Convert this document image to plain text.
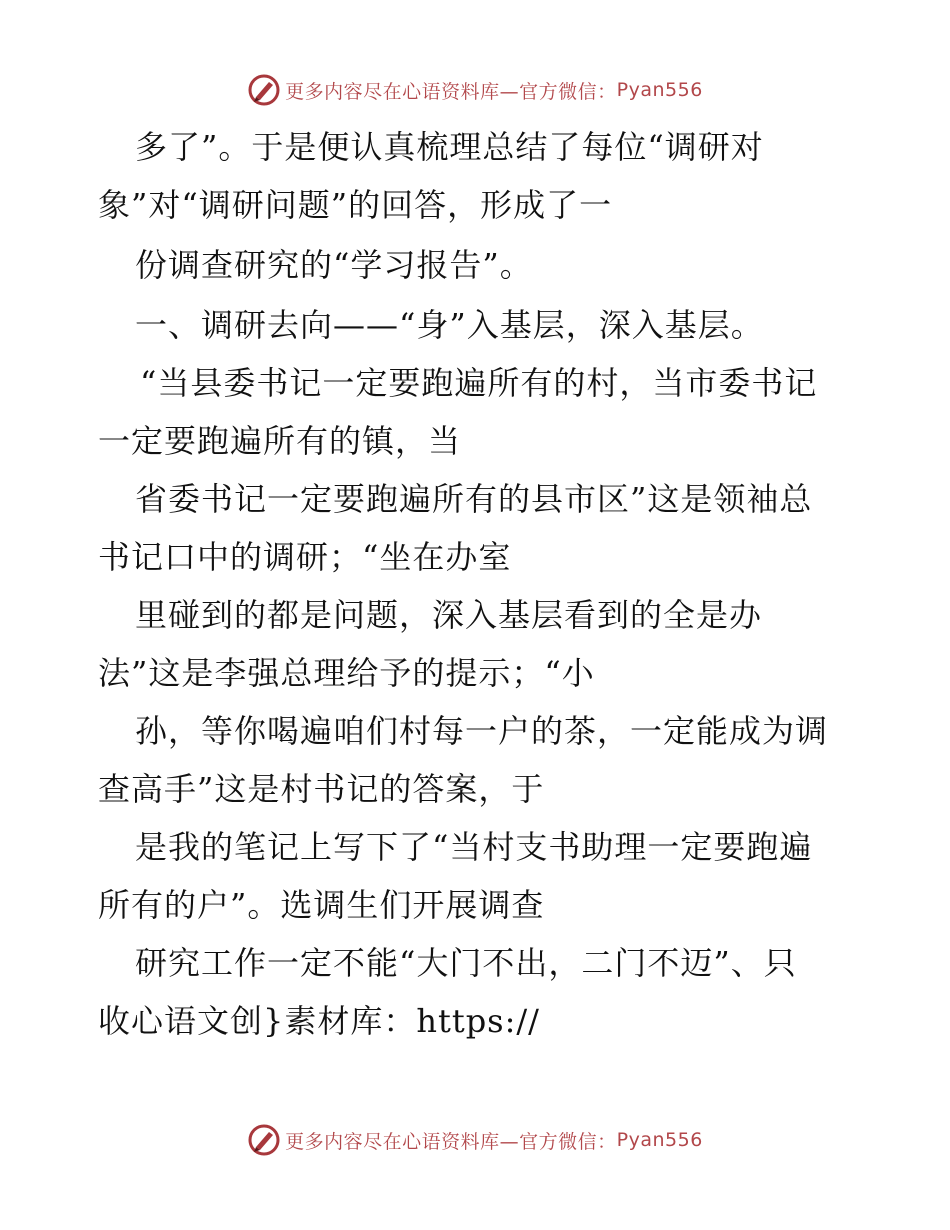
更多内容尽在心语资料库—官方微信： Pyan556
多了”。于是便认真梳理总结了每位“调研对
象”对“调研问题”的回答，形成了一
份调查研究的“学习报告”。
一、调研去向——“身”入基层，深入基层。
“当县委书记一定要跑遍所有的村，当市委书记
一定要跑遍所有的镇，当
省委书记一定要跑遍所有的县市区”这是领袖总
书记口中的调研；“坐在办室
里碰到的都是问题，深入基层看到的全是办
法”这是李强总理给予的提示；“小
孙，等你喝遍咱们村每一户的茶，一定能成为调
查高手”这是村书记的答案，于
是我的笔记上写下了“当村支书助理一定要跑遍
所有的户”。选调生们开展调查
研究工作一定不能“大门不出，二门不迈”、只
收心语文创}素材库：https://
更多内容尽在心语资料库—官方微信： Pyan556
